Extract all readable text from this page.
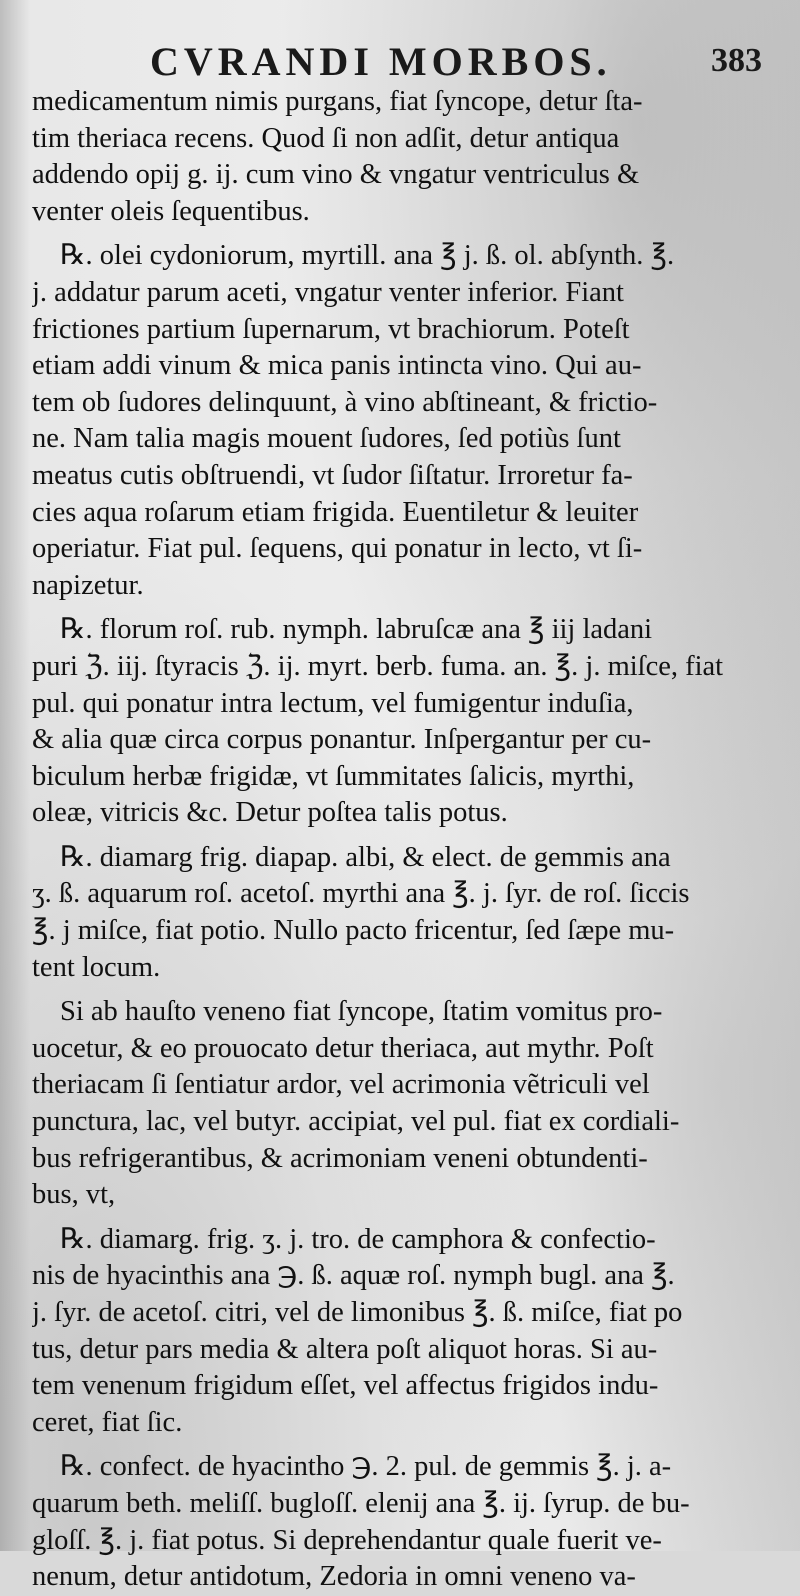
CVRANDI MORBOS.	383
medicamentum nimis purgans, fiat ſyncope, detur ſta-
tim theriaca recens. Quod ſi non adſit, detur antiqua
addendo opij g. ij. cum vino & vngatur ventriculus &
venter oleis ſequentibus.
℞. olei cydoniorum, myrtill. ana ℥ j. ß. ol. abſynth. ℥.
j. addatur parum aceti, vngatur venter inferior. Fiant
frictiones partium ſupernarum, vt brachiorum. Poteſt
etiam addi vinum & mica panis intincta vino. Qui au-
tem ob ſudores delinquunt, à vino abſtineant, & frictio-
ne. Nam talia magis mouent ſudores, ſed potiùs ſunt
meatus cutis obſtruendi, vt ſudor ſiſtatur. Irroretur fa-
cies aqua roſarum etiam frigida. Euentiletur & leuiter
operiatur. Fiat pul. ſequens, qui ponatur in lecto, vt ſi-
napizetur.
℞. florum roſ. rub. nymph. labruſcæ ana ℥ iij ladani
puri ℨ. iij. ſtyracis ℨ. ij. myrt. berb. fuma. an. ℥. j. miſce, fiat
pul. qui ponatur intra lectum, vel fumigentur induſia,
& alia quæ circa corpus ponantur. Inſpergantur per cu-
biculum herbæ frigidæ, vt ſummitates ſalicis, myrthi,
oleæ, vitricis &c. Detur poſtea talis potus.
℞. diamarg frig. diapap. albi, & elect. de gemmis ana
ʒ. ß. aquarum roſ. acetoſ. myrthi ana ℥. j. ſyr. de roſ. ſiccis
℥. j miſce, fiat potio. Nullo pacto fricentur, ſed ſæpe mu-
tent locum.
Si ab hauſto veneno fiat ſyncope, ſtatim vomitus pro-
uocetur, & eo prouocato detur theriaca, aut mythr. Poſt
theriacam ſi ſentiatur ardor, vel acrimonia vẽtriculi vel
punctura, lac, vel butyr. accipiat, vel pul. fiat ex cordiali-
bus refrigerantibus, & acrimoniam veneni obtundenti-
bus, vt,
℞. diamarg. frig. ʒ. j. tro. de camphora & confectio-
nis de hyacinthis ana ℈. ß. aquæ roſ. nymph bugl. ana ℥.
j. ſyr. de acetoſ. citri, vel de limonibus ℥. ß. miſce, fiat po
tus, detur pars media & altera poſt aliquot horas. Si au-
tem venenum frigidum eſſet, vel affectus frigidos indu-
ceret, fiat ſic.
℞. confect. de hyacintho ℈. 2. pul. de gemmis ℥. j. a-
quarum beth. meliſſ. bugloſſ. elenij ana ℥. ij. ſyrup. de bu-
gloſſ. ℥. j. fiat potus. Si deprehendantur quale fuerit ve-
nenum, detur antidotum, Zedoria in omni veneno va-
